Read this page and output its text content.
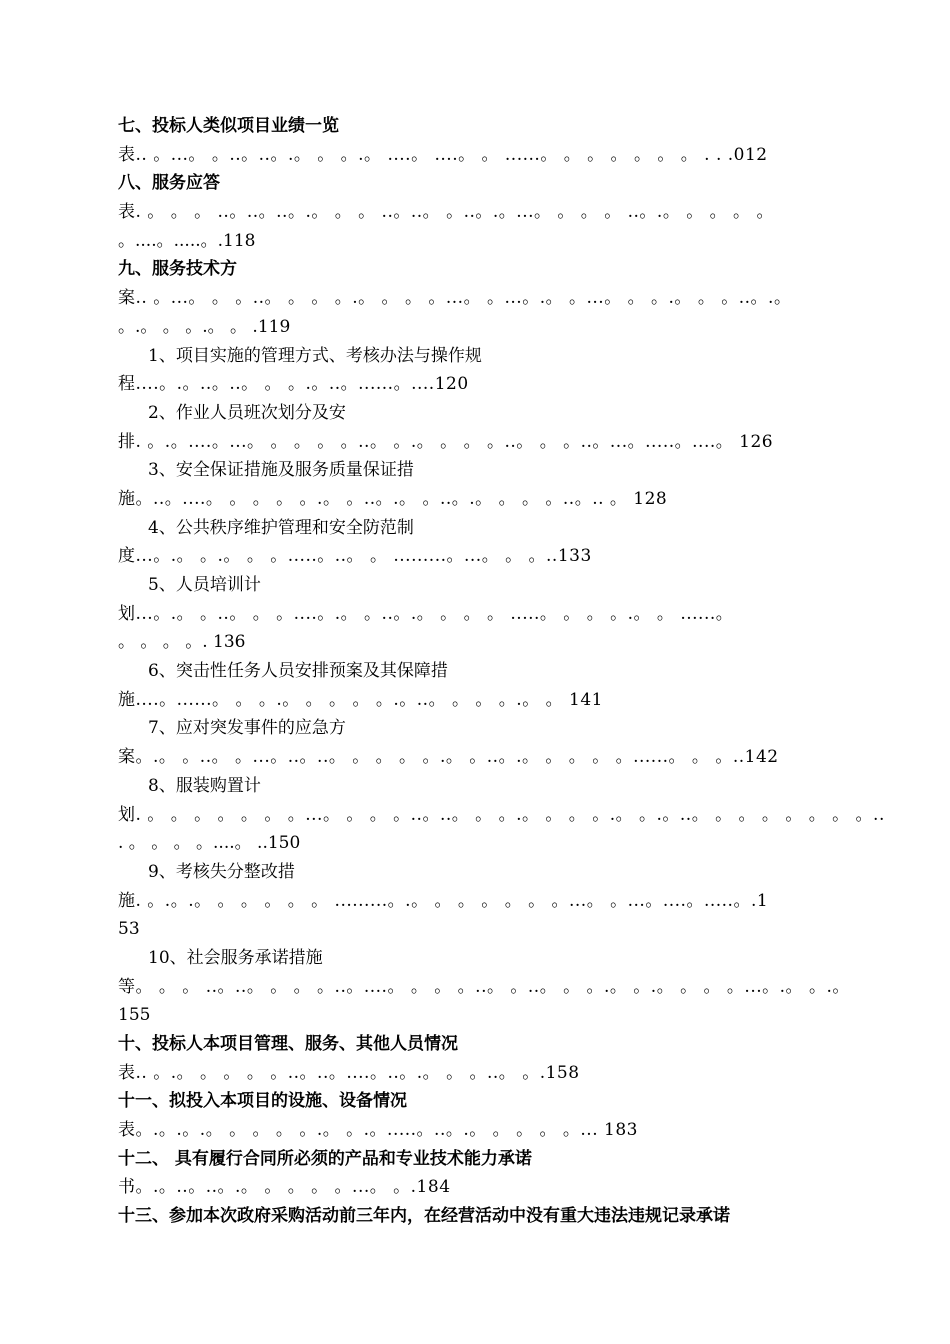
七、投标人类似项目业绩一览
表.. 。...。 。..。..。.。 。 。.。 ....。 ....。 。 ......。 。 。 。 。 。 。 . . .012
八、服务应答
表. 。 。 。 ..。..。..。.。 。 。 ..。..。 。..。.。...。 。 。 。 ..。.。 。 。 。 。
。....。.....。.118
九、服务技术方
案.. 。...。 。 。..。 。 。 。.。 。 。 。...。 。...。.。 。...。 。 。.。 。 。..。.。
。.。 。 。.。 。 .119
1、项目实施的管理方式、考核办法与操作规
程....。.。..。..。 。 。.。..。......。....120
2、作业人员班次划分及安
排. 。.。....。...。 。 。 。 。..。 。.。 。 。 。..。 。 。..。...。.....。....。 126
3、安全保证措施及服务质量保证措
施。..。....。 。 。 。 。.。 。..。.。 。..。.。 。 。 。..。.. 。 128
4、公共秩序维护管理和安全防范制
度...。.。 。.。 。 。.....。..。 。 .........。...。 。 。..133
5、人员培训计
划...。.。 。..。 。 。....。.。 。..。.。 。 。 。 .....。 。 。 。.。 。 ......。
。 。 。 。. 136
6、突击性任务人员安排预案及其保障措
施....。......。 。 。.。 。 。 。 。.。..。 。 。 。.。 。 141
7、应对突发事件的应急方
案。.。 。..。 。...。..。..。 。 。 。 。.。 。..。.。 。 。 。 。......。 。 。..142
8、服装购置计
划. 。 。 。 。 。 。 。...。 。 。 。..。..。 。 。.。 。 。 。.。 。.。..。 。 。 。 。 。 。 。..
. 。 。 。 。....。 ..150
9、考核失分整改措
施. 。.。.。 。 。 。 。 。 .........。.。 。 。 。 。 。 。...。 。...。....。.....。.1
53
10、社会服务承诺措施
等。 。 。 ..。..。 。 。 。..。....。 。 。 。..。 。..。 。 。.。 。.。 。 。 。...。.。 。.。
155
十、投标人本项目管理、服务、其他人员情况
表.. 。.。 。 。 。 。..。..。....。..。.。 。 。..。 。.158
十一、拟投入本项目的设施、设备情况
表。.。.。.。 。 。 。 。.。 。.。.....。..。.。 。 。 。 。... 183
十二、 具有履行合同所必须的产品和专业技术能力承诺
书。.。..。..。.。 。 。 。 。...。 。.184
十三、参加本次政府采购活动前三年内，在经营活动中没有重大违法违规记录承诺
